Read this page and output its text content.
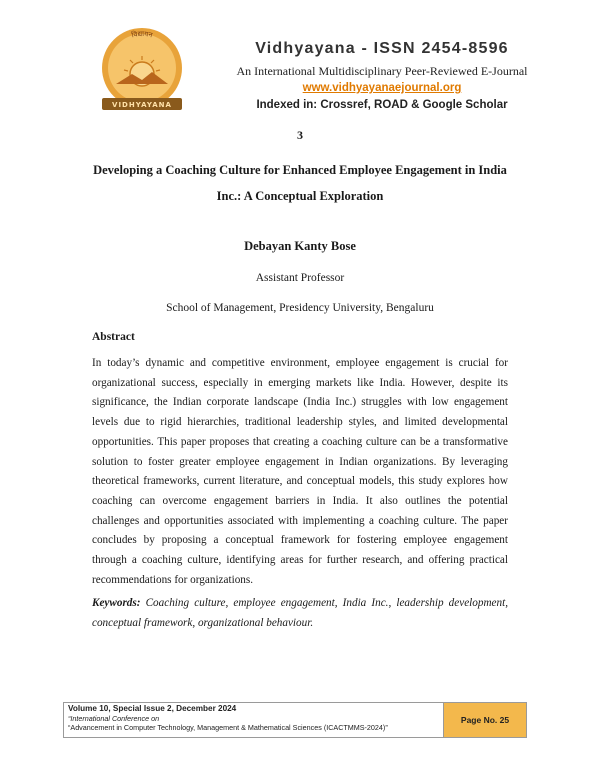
विद्यायन
VIDHYAYANA
Vidhyayana - ISSN 2454-8596
An International Multidisciplinary Peer-Reviewed E-Journal
www.vidhyayanaejournal.org
Indexed in: Crossref, ROAD & Google Scholar
3
Developing a Coaching Culture for Enhanced Employee Engagement in India Inc.: A Conceptual Exploration
Debayan Kanty Bose
Assistant Professor
School of Management, Presidency University, Bengaluru
Abstract

In today’s dynamic and competitive environment, employee engagement is crucial for organizational success, especially in emerging markets like India. However, despite its significance, the Indian corporate landscape (India Inc.) struggles with low engagement levels due to rigid hierarchies, traditional leadership styles, and limited developmental opportunities. This paper proposes that creating a coaching culture can be a transformative solution to foster greater employee engagement in Indian organizations. By leveraging theoretical frameworks, current literature, and conceptual models, this study explores how coaching can overcome engagement barriers in India. It also outlines the potential challenges and opportunities associated with implementing a coaching culture. The paper concludes by proposing a conceptual framework for fostering employee engagement through a coaching culture, identifying areas for further research, and offering practical recommendations for organizations.

Keywords: Coaching culture, employee engagement, India Inc., leadership development, conceptual framework, organizational behaviour.

Volume 10, Special Issue 2, December 2024
“International Conference on
“Advancement in Computer Technology, Management & Mathematical Sciences (ICACTMMS-2024)”
Page No. 25
